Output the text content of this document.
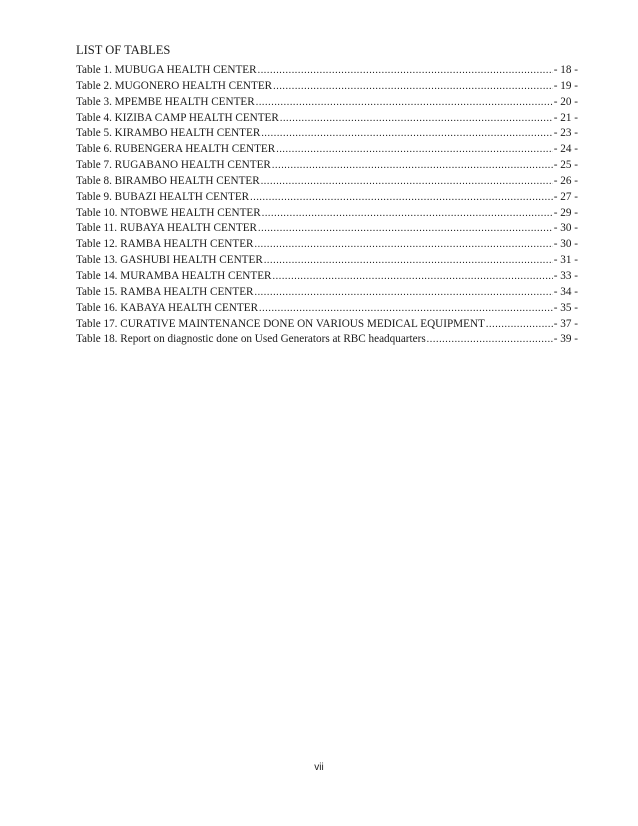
LIST OF TABLES
Table 1. MUBUGA HEALTH CENTER .....	- 18 -
Table 2. MUGONERO HEALTH CENTER .....	- 19 -
Table 3. MPEMBE HEALTH CENTER .....	- 20 -
Table 4. KIZIBA CAMP HEALTH CENTER .....	- 21 -
Table 5. KIRAMBO HEALTH CENTER .....	- 23 -
Table 6. RUBENGERA HEALTH CENTER .....	- 24 -
Table 7. RUGABANO HEALTH CENTER .....	- 25 -
Table 8. BIRAMBO HEALTH CENTER .....	- 26 -
Table 9. BUBAZI HEALTH CENTER .....	- 27 -
Table 10. NTOBWE HEALTH CENTER .....	- 29 -
Table 11. RUBAYA HEALTH CENTER .....	- 30 -
Table 12. RAMBA HEALTH CENTER .....	- 30 -
Table 13. GASHUBI HEALTH CENTER .....	- 31 -
Table 14. MURAMBA HEALTH CENTER .....	- 33 -
Table 15. RAMBA HEALTH CENTER .....	- 34 -
Table 16. KABAYA HEALTH CENTER .....	- 35 -
Table 17. CURATIVE MAINTENANCE DONE ON VARIOUS MEDICAL EQUIPMENT .....	- 37 -
Table 18. Report on diagnostic done on Used Generators at RBC headquarters .....	- 39 -
vii
